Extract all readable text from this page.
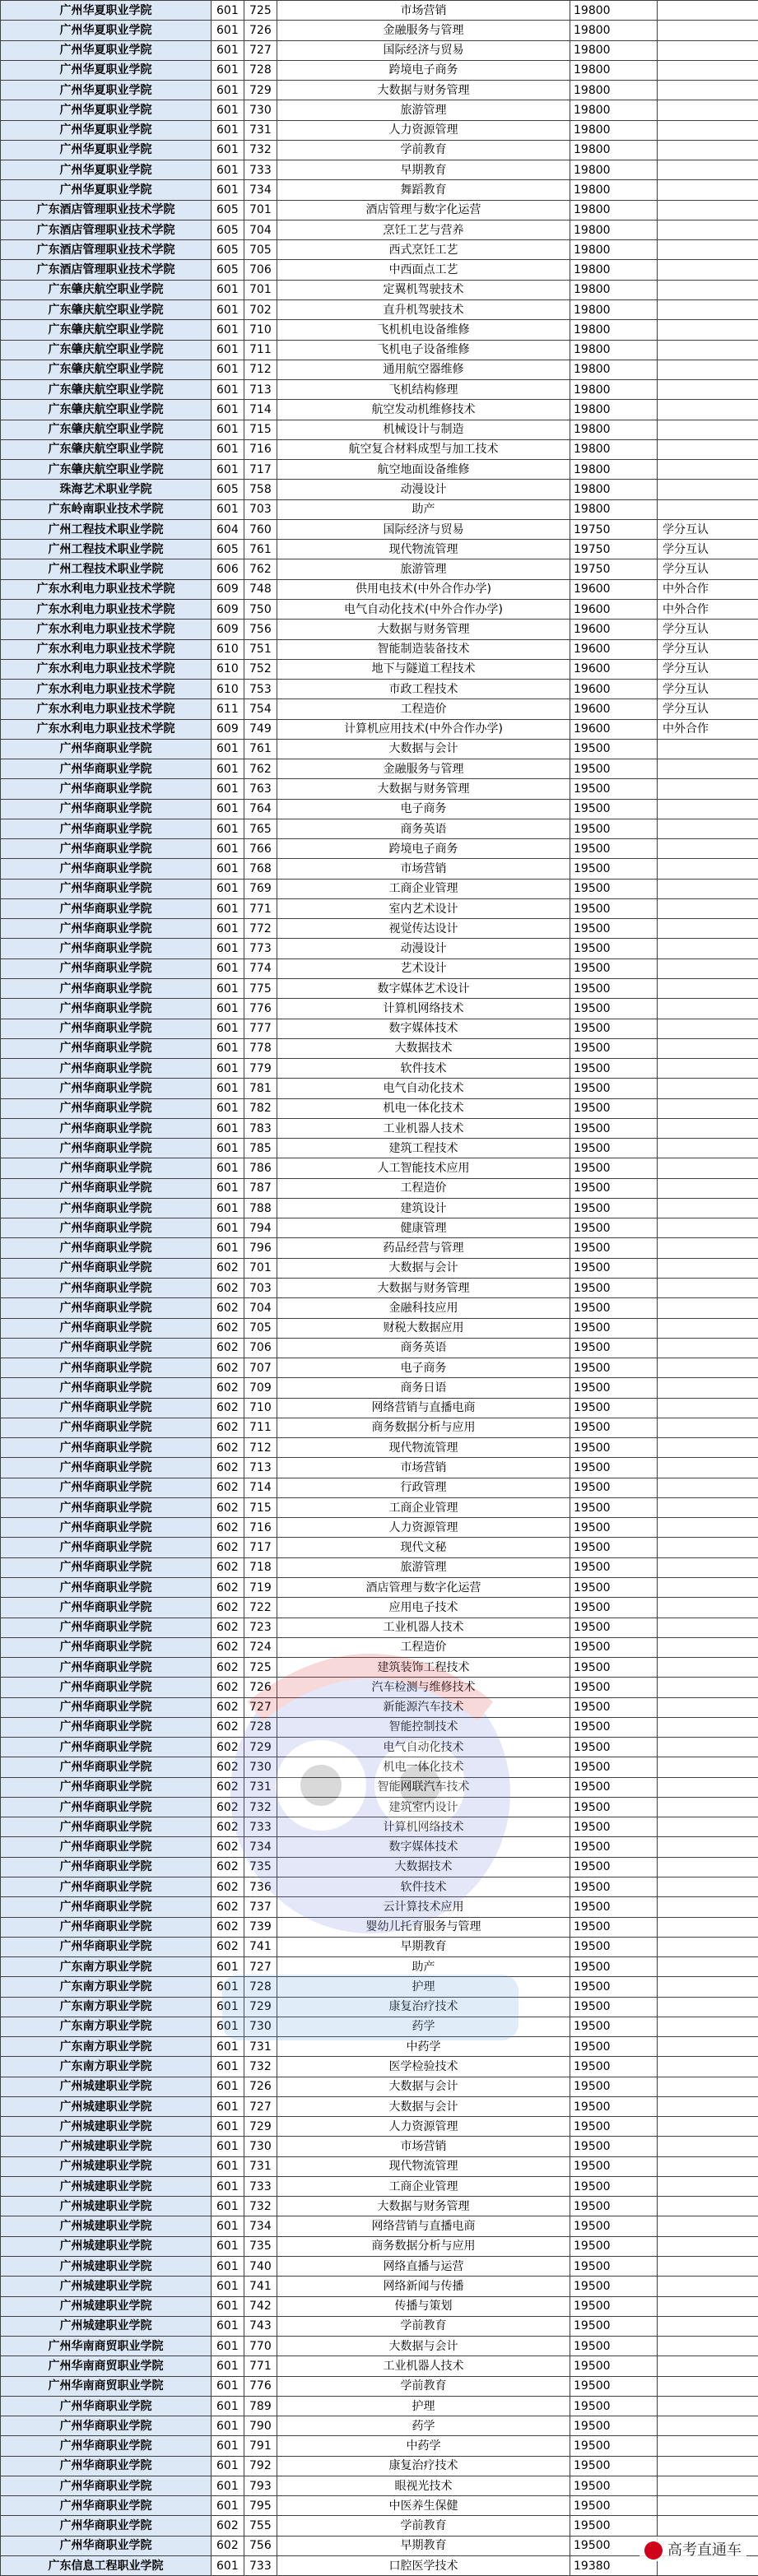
广州华夏职业学院	601	725	市场营销	19800	
广州华夏职业学院	601	726	金融服务与管理	19800	
广州华夏职业学院	601	727	国际经济与贸易	19800	
广州华夏职业学院	601	728	跨境电子商务	19800	
广州华夏职业学院	601	729	大数据与财务管理	19800	
广州华夏职业学院	601	730	旅游管理	19800	
广州华夏职业学院	601	731	人力资源管理	19800	
广州华夏职业学院	601	732	学前教育	19800	
广州华夏职业学院	601	733	早期教育	19800	
广州华夏职业学院	601	734	舞蹈教育	19800	
广东酒店管理职业技术学院	605	701	酒店管理与数字化运营	19800	
广东酒店管理职业技术学院	605	704	烹饪工艺与营养	19800	
广东酒店管理职业技术学院	605	705	西式烹饪工艺	19800	
广东酒店管理职业技术学院	605	706	中西面点工艺	19800	
广东肇庆航空职业学院	601	701	定翼机驾驶技术	19800	
广东肇庆航空职业学院	601	702	直升机驾驶技术	19800	
广东肇庆航空职业学院	601	710	飞机机电设备维修	19800	
广东肇庆航空职业学院	601	711	飞机电子设备维修	19800	
广东肇庆航空职业学院	601	712	通用航空器维修	19800	
广东肇庆航空职业学院	601	713	飞机结构修理	19800	
广东肇庆航空职业学院	601	714	航空发动机维修技术	19800	
广东肇庆航空职业学院	601	715	机械设计与制造	19800	
广东肇庆航空职业学院	601	716	航空复合材料成型与加工技术	19800	
广东肇庆航空职业学院	601	717	航空地面设备维修	19800	
珠海艺术职业学院	605	758	动漫设计	19800	
广东岭南职业技术学院	601	703	助产	19800	
广州工程技术职业学院	604	760	国际经济与贸易	19750	学分互认
广州工程技术职业学院	605	761	现代物流管理	19750	学分互认
广州工程技术职业学院	606	762	旅游管理	19750	学分互认
广东水利电力职业技术学院	609	748	供用电技术(中外合作办学)	19600	中外合作
广东水利电力职业技术学院	609	750	电气自动化技术(中外合作办学)	19600	中外合作
广东水利电力职业技术学院	609	756	大数据与财务管理	19600	学分互认
广东水利电力职业技术学院	610	751	智能制造装备技术	19600	学分互认
广东水利电力职业技术学院	610	752	地下与隧道工程技术	19600	学分互认
广东水利电力职业技术学院	610	753	市政工程技术	19600	学分互认
广东水利电力职业技术学院	611	754	工程造价	19600	学分互认
广东水利电力职业技术学院	609	749	计算机应用技术(中外合作办学)	19600	中外合作
广州华商职业学院	601	761	大数据与会计	19500	
广州华商职业学院	601	762	金融服务与管理	19500	
广州华商职业学院	601	763	大数据与财务管理	19500	
广州华商职业学院	601	764	电子商务	19500	
广州华商职业学院	601	765	商务英语	19500	
广州华商职业学院	601	766	跨境电子商务	19500	
广州华商职业学院	601	768	市场营销	19500	
广州华商职业学院	601	769	工商企业管理	19500	
广州华商职业学院	601	771	室内艺术设计	19500	
广州华商职业学院	601	772	视觉传达设计	19500	
广州华商职业学院	601	773	动漫设计	19500	
广州华商职业学院	601	774	艺术设计	19500	
广州华商职业学院	601	775	数字媒体艺术设计	19500	
广州华商职业学院	601	776	计算机网络技术	19500	
广州华商职业学院	601	777	数字媒体技术	19500	
广州华商职业学院	601	778	大数据技术	19500	
广州华商职业学院	601	779	软件技术	19500	
广州华商职业学院	601	781	电气自动化技术	19500	
广州华商职业学院	601	782	机电一体化技术	19500	
广州华商职业学院	601	783	工业机器人技术	19500	
广州华商职业学院	601	785	建筑工程技术	19500	
广州华商职业学院	601	786	人工智能技术应用	19500	
广州华商职业学院	601	787	工程造价	19500	
广州华商职业学院	601	788	建筑设计	19500	
广州华商职业学院	601	794	健康管理	19500	
广州华商职业学院	601	796	药品经营与管理	19500	
广州华商职业学院	602	701	大数据与会计	19500	
广州华商职业学院	602	703	大数据与财务管理	19500	
广州华商职业学院	602	704	金融科技应用	19500	
广州华商职业学院	602	705	财税大数据应用	19500	
广州华商职业学院	602	706	商务英语	19500	
广州华商职业学院	602	707	电子商务	19500	
广州华商职业学院	602	709	商务日语	19500	
广州华商职业学院	602	710	网络营销与直播电商	19500	
广州华商职业学院	602	711	商务数据分析与应用	19500	
广州华商职业学院	602	712	现代物流管理	19500	
广州华商职业学院	602	713	市场营销	19500	
广州华商职业学院	602	714	行政管理	19500	
广州华商职业学院	602	715	工商企业管理	19500	
广州华商职业学院	602	716	人力资源管理	19500	
广州华商职业学院	602	717	现代文秘	19500	
广州华商职业学院	602	718	旅游管理	19500	
广州华商职业学院	602	719	酒店管理与数字化运营	19500	
广州华商职业学院	602	722	应用电子技术	19500	
广州华商职业学院	602	723	工业机器人技术	19500	
广州华商职业学院	602	724	工程造价	19500	
广州华商职业学院	602	725	建筑装饰工程技术	19500	
广州华商职业学院	602	726	汽车检测与维修技术	19500	
广州华商职业学院	602	727	新能源汽车技术	19500	
广州华商职业学院	602	728	智能控制技术	19500	
广州华商职业学院	602	729	电气自动化技术	19500	
广州华商职业学院	602	730	机电一体化技术	19500	
广州华商职业学院	602	731	智能网联汽车技术	19500	
广州华商职业学院	602	732	建筑室内设计	19500	
广州华商职业学院	602	733	计算机网络技术	19500	
广州华商职业学院	602	734	数字媒体技术	19500	
广州华商职业学院	602	735	大数据技术	19500	
广州华商职业学院	602	736	软件技术	19500	
广州华商职业学院	602	737	云计算技术应用	19500	
广州华商职业学院	602	739	婴幼儿托育服务与管理	19500	
广州华商职业学院	602	741	早期教育	19500	
广东南方职业学院	601	727	助产	19500	
广东南方职业学院	601	728	护理	19500	
广东南方职业学院	601	729	康复治疗技术	19500	
广东南方职业学院	601	730	药学	19500	
广东南方职业学院	601	731	中药学	19500	
广东南方职业学院	601	732	医学检验技术	19500	
广州城建职业学院	601	726	大数据与会计	19500	
广州城建职业学院	601	727	大数据与会计	19500	
广州城建职业学院	601	729	人力资源管理	19500	
广州城建职业学院	601	730	市场营销	19500	
广州城建职业学院	601	731	现代物流管理	19500	
广州城建职业学院	601	733	工商企业管理	19500	
广州城建职业学院	601	732	大数据与财务管理	19500	
广州城建职业学院	601	734	网络营销与直播电商	19500	
广州城建职业学院	601	735	商务数据分析与应用	19500	
广州城建职业学院	601	740	网络直播与运营	19500	
广州城建职业学院	601	741	网络新闻与传播	19500	
广州城建职业学院	601	742	传播与策划	19500	
广州城建职业学院	601	743	学前教育	19500	
广州华南商贸职业学院	601	770	大数据与会计	19500	
广州华南商贸职业学院	601	771	工业机器人技术	19500	
广州华南商贸职业学院	601	776	学前教育	19500	
广州华商职业学院	601	789	护理	19500	
广州华商职业学院	601	790	药学	19500	
广州华商职业学院	601	791	中药学	19500	
广州华商职业学院	601	792	康复治疗技术	19500	
广州华商职业学院	601	793	眼视光技术	19500	
广州华商职业学院	601	795	中医养生保健	19500	
广州华商职业学院	602	755	学前教育	19500	
广州华商职业学院	602	756	早期教育	19500	
广东信息工程职业学院	601	733	口腔医学技术	19380	
高考直通车
